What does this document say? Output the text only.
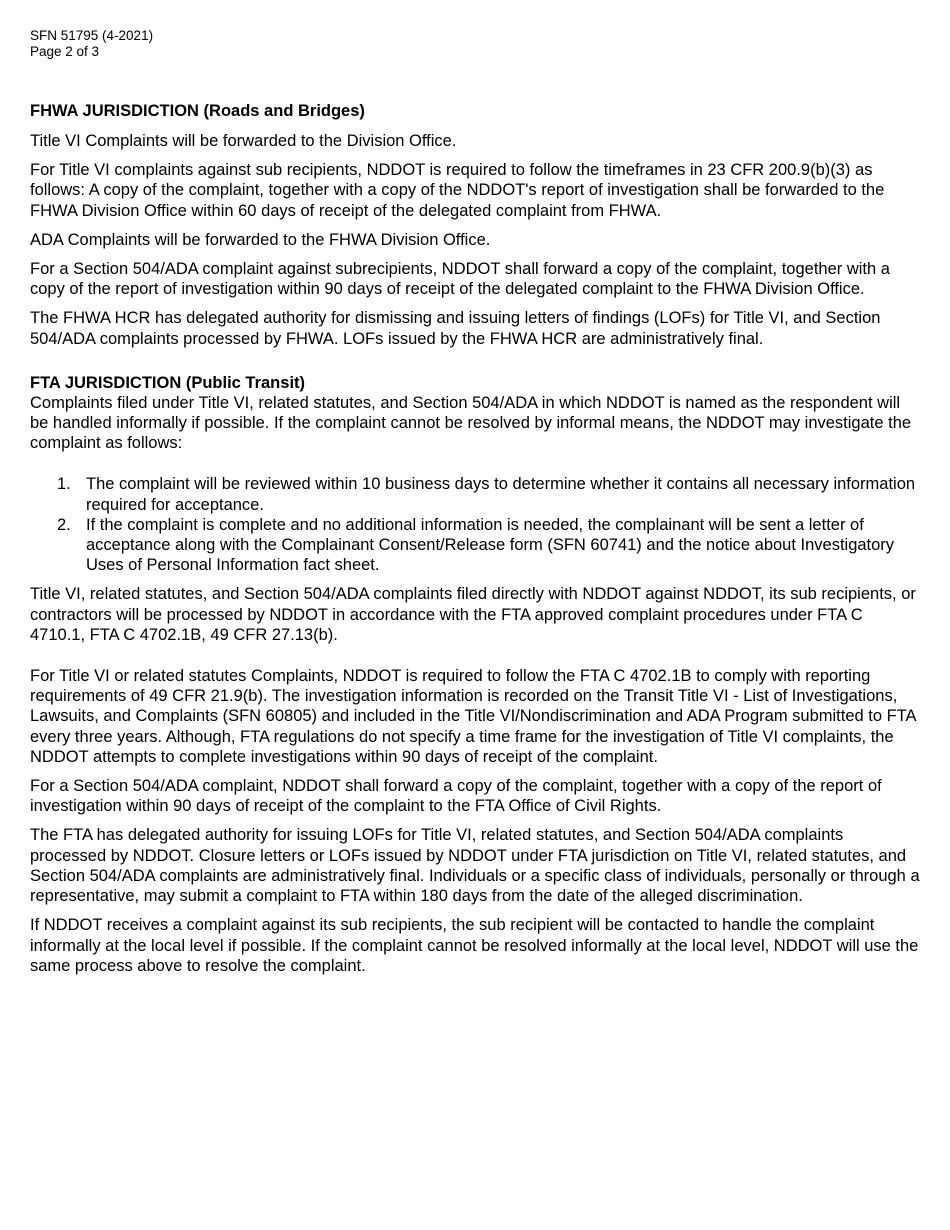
SFN 51795 (4-2021)

Page 2 of 3

FHWA JURISDICTION (Roads and Bridges)

Title VI Complaints will be forwarded to the Division Office.

For Title VI complaints against sub recipients, NDDOT is required to follow the timeframes in 23 CFR 200.9(b)(3) as follows: A copy of the complaint, together with a copy of the NDDOT's report of investigation shall be forwarded to the FHWA Division Office within 60 days of receipt of the delegated complaint from FHWA.

ADA Complaints will be forwarded to the FHWA Division Office.

For a Section 504/ADA complaint against subrecipients, NDDOT shall forward a copy of the complaint, together with a copy of the report of investigation within 90 days of receipt of the delegated complaint to the FHWA Division Office.

The FHWA HCR has delegated authority for dismissing and issuing letters of findings (LOFs) for Title VI, and Section 504/ADA complaints processed by FHWA. LOFs issued by the FHWA HCR are administratively final.

FTA JURISDICTION (Public Transit)

Complaints filed under Title VI, related statutes, and Section 504/ADA in which NDDOT is named as the respondent will be handled informally if possible. If the complaint cannot be resolved by informal means, the NDDOT may investigate the complaint as follows:

1. The complaint will be reviewed within 10 business days to determine whether it contains all necessary information required for acceptance.
2. If the complaint is complete and no additional information is needed, the complainant will be sent a letter of acceptance along with the Complainant Consent/Release form (SFN 60741) and the notice about Investigatory Uses of Personal Information fact sheet.

Title VI, related statutes, and Section 504/ADA complaints filed directly with NDDOT against NDDOT, its sub recipients, or contractors will be processed by NDDOT in accordance with the FTA approved complaint procedures under FTA C 4710.1, FTA C 4702.1B, 49 CFR 27.13(b).

For Title VI or related statutes Complaints, NDDOT is required to follow the FTA C 4702.1B to comply with reporting requirements of 49 CFR 21.9(b). The investigation information is recorded on the Transit Title VI - List of Investigations, Lawsuits, and Complaints (SFN 60805) and included in the Title VI/Nondiscrimination and ADA Program submitted to FTA every three years. Although, FTA regulations do not specify a time frame for the investigation of Title VI complaints, the NDDOT attempts to complete investigations within 90 days of receipt of the complaint.

For a Section 504/ADA complaint, NDDOT shall forward a copy of the complaint, together with a copy of the report of investigation within 90 days of receipt of the complaint to the FTA Office of Civil Rights.

The FTA has delegated authority for issuing LOFs for Title VI, related statutes, and Section 504/ADA complaints processed by NDDOT. Closure letters or LOFs issued by NDDOT under FTA jurisdiction on Title VI, related statutes, and Section 504/ADA complaints are administratively final. Individuals or a specific class of individuals, personally or through a representative, may submit a complaint to FTA within 180 days from the date of the alleged discrimination.

If NDDOT receives a complaint against its sub recipients, the sub recipient will be contacted to handle the complaint informally at the local level if possible. If the complaint cannot be resolved informally at the local level, NDDOT will use the same process above to resolve the complaint.
